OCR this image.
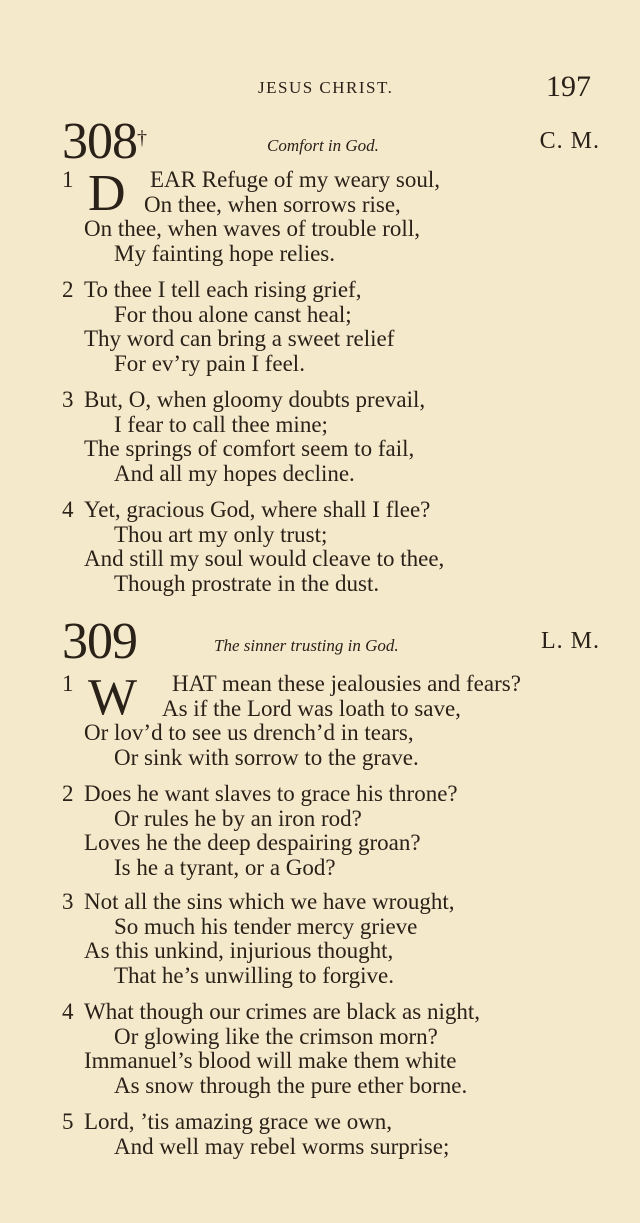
JESUS CHRIST.	197
308†	Comfort in God.	C. M.
1 D EAR Refuge of my weary soul,
On thee, when sorrows rise,
On thee, when waves of trouble roll,
My fainting hope relies.
2 To thee I tell each rising grief,
For thou alone canst heal;
Thy word can bring a sweet relief
For ev’ry pain I feel.
3 But, O, when gloomy doubts prevail,
I fear to call thee mine;
The springs of comfort seem to fail,
And all my hopes decline.
4 Yet, gracious God, where shall I flee?
Thou art my only trust;
And still my soul would cleave to thee,
Though prostrate in the dust.
309	The sinner trusting in God.	L. M.
1 W HAT mean these jealousies and fears?
As if the Lord was loath to save,
Or lov’d to see us drench’d in tears,
Or sink with sorrow to the grave.
2 Does he want slaves to grace his throne?
Or rules he by an iron rod?
Loves he the deep despairing groan?
Is he a tyrant, or a God?
3 Not all the sins which we have wrought,
So much his tender mercy grieve
As this unkind, injurious thought,
That he’s unwilling to forgive.
4 What though our crimes are black as night,
Or glowing like the crimson morn?
Immanuel’s blood will make them white
As snow through the pure ether borne.
5 Lord, ’tis amazing grace we own,
And well may rebel worms surprise;
